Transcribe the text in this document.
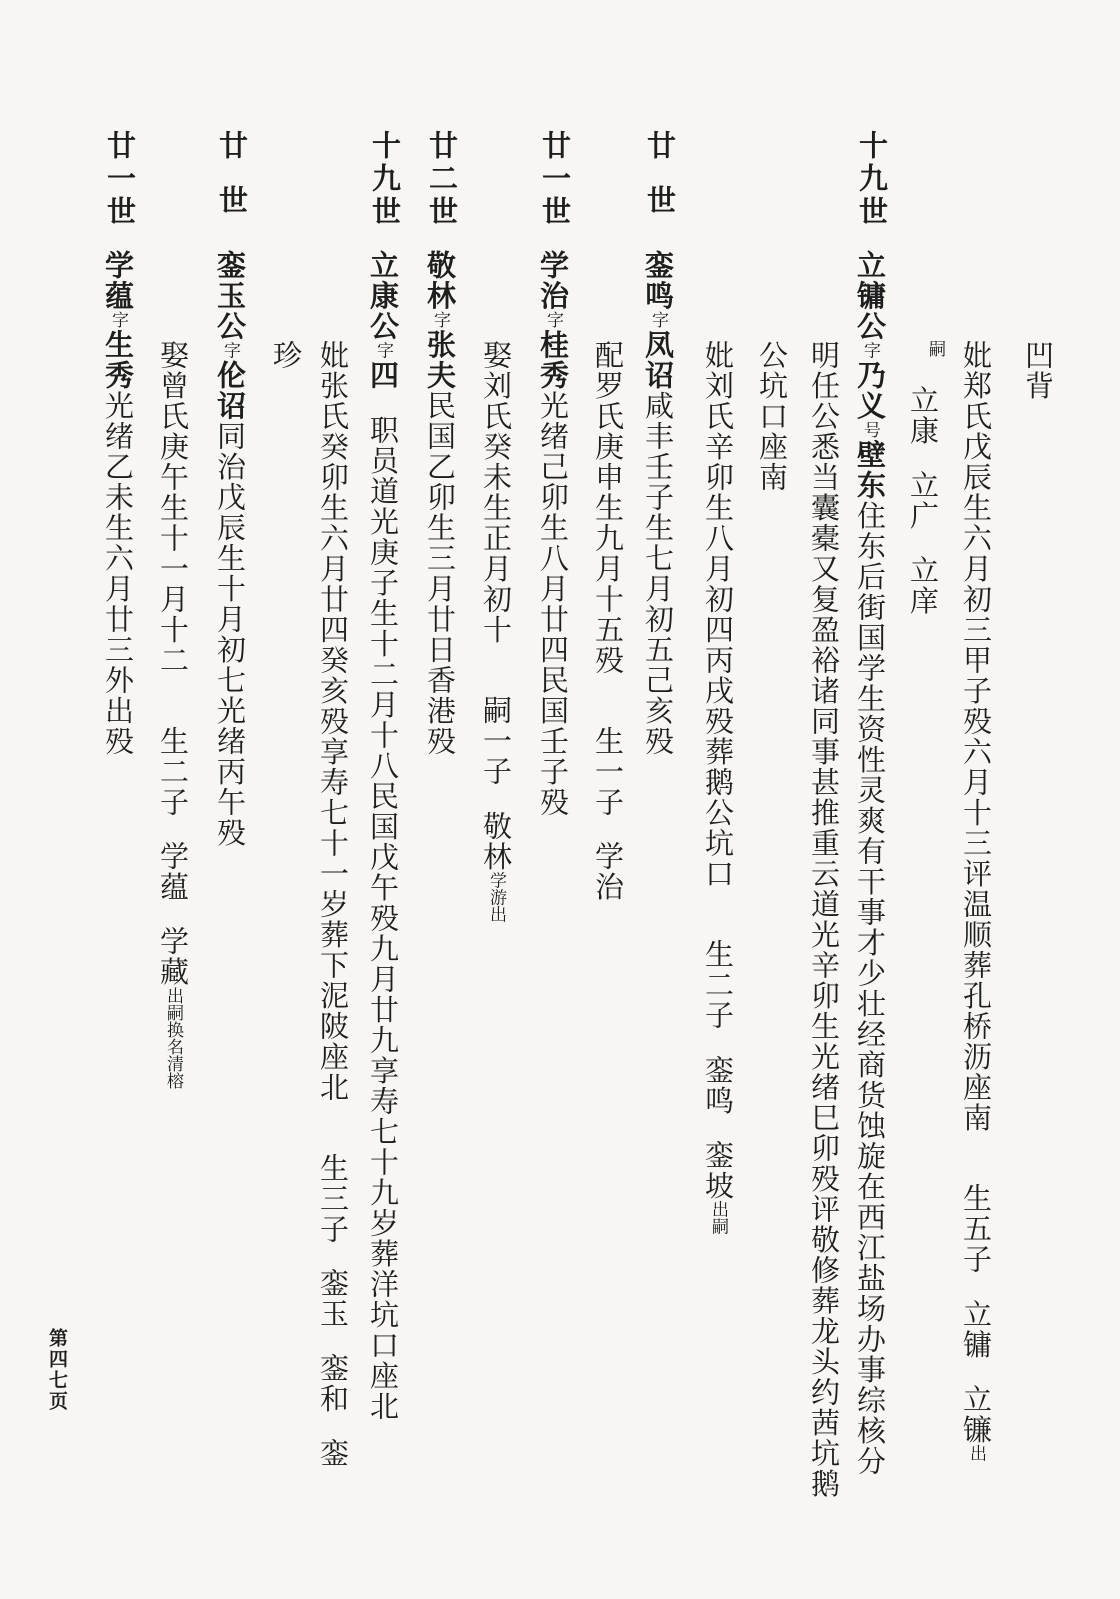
凹背
妣郑氏戊辰生六月初三甲子殁六月十三评温顺葬孔桥沥座南生五子立镛立镰出
嗣
立康立广立庠
明任公悉当囊橐又复盈裕诸同事甚推重云道光辛卯生光绪巳卯殁评敬修葬龙头约茜坑鹅
十九世
立镛公字乃义号壁东住东后街国学生资性灵爽有干事才少壮经商货蚀旋在西江盐场办事综核分
公坑口座南
妣刘氏辛卯生八月初四丙戌殁葬鹅公坑口生二子銮鸣銮坡出嗣
廿世
銮鸣字凤诏咸丰壬子生七月初五己亥殁
配罗氏庚申生九月十五殁生一子学治
廿一世
学治字桂秀光绪己卯生八月廿四民国壬子殁
娶刘氏癸未生正月初十嗣一子敬林学游出
廿二世
敬林字张夫民国乙卯生三月廿日香港殁
十九世
立康公字四职员道光庚子生十二月十八民国戊午殁九月廿九享寿七十九岁葬洋坑口座北
妣张氏癸卯生六月廿四癸亥殁享寿七十一岁葬下泥陂座北生三子銮玉銮和銮
珍
廿世
銮玉公字伦诏同治戊辰生十月初七光绪丙午殁
娶曾氏庚午生十一月十二生二子学蕴学藏出嗣换名清榕
廿一世
学蕴字生秀光绪乙未生六月廿三外出殁
第四七页
